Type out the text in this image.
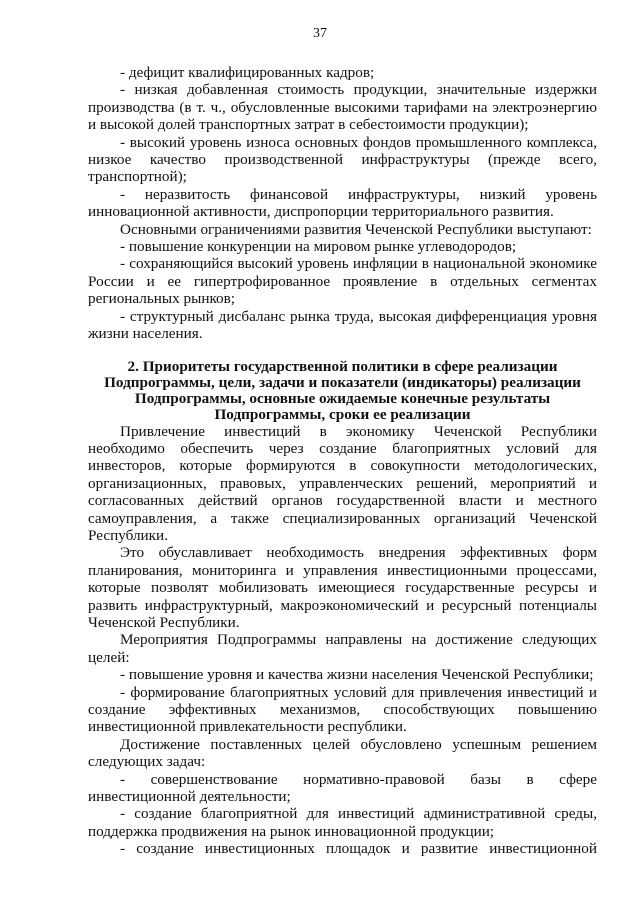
37

- дефицит квалифицированных кадров;

- низкая добавленная стоимость продукции, значительные издержки производства (в т. ч., обусловленные высокими тарифами на электроэнергию и высокой долей транспортных затрат в себестоимости продукции);

- высокий уровень износа основных фондов промышленного комплекса, низкое качество производственной инфраструктуры (прежде всего, транспортной);

- неразвитость финансовой инфраструктуры, низкий уровень инновационной активности, диспропорции территориального развития.

Основными ограничениями развития Чеченской Республики выступают:

- повышение конкуренции на мировом рынке углеводородов;

- сохраняющийся высокий уровень инфляции в национальной экономике России и ее гипертрофированное проявление в отдельных сегментах региональных рынков;

- структурный дисбаланс рынка труда, высокая дифференциация уровня жизни населения.

2. Приоритеты государственной политики в сфере реализации
Подпрограммы, цели, задачи и показатели (индикаторы) реализации
Подпрограммы, основные ожидаемые конечные результаты
Подпрограммы, сроки ее реализации

Привлечение инвестиций в экономику Чеченской Республики необходимо обеспечить через создание благоприятных условий для инвесторов, которые формируются в совокупности методологических, организационных, правовых, управленческих решений, мероприятий и согласованных действий органов государственной власти и местного самоуправления, а также специализированных организаций Чеченской Республики.

Это обуславливает необходимость внедрения эффективных форм планирования, мониторинга и управления инвестиционными процессами, которые позволят мобилизовать имеющиеся государственные ресурсы и развить инфраструктурный, макроэкономический и ресурсный потенциалы Чеченской Республики.

Мероприятия Подпрограммы направлены на достижение следующих целей:

- повышение уровня и качества жизни населения Чеченской Республики;

- формирование благоприятных условий для привлечения инвестиций и создание эффективных механизмов, способствующих повышению инвестиционной привлекательности республики.

Достижение поставленных целей обусловлено успешным решением следующих задач:

- совершенствование нормативно-правовой базы в сфере инвестиционной деятельности;

- создание благоприятной для инвестиций административной среды, поддержка продвижения на рынок инновационной продукции;

- создание инвестиционных площадок и развитие инвестиционной
